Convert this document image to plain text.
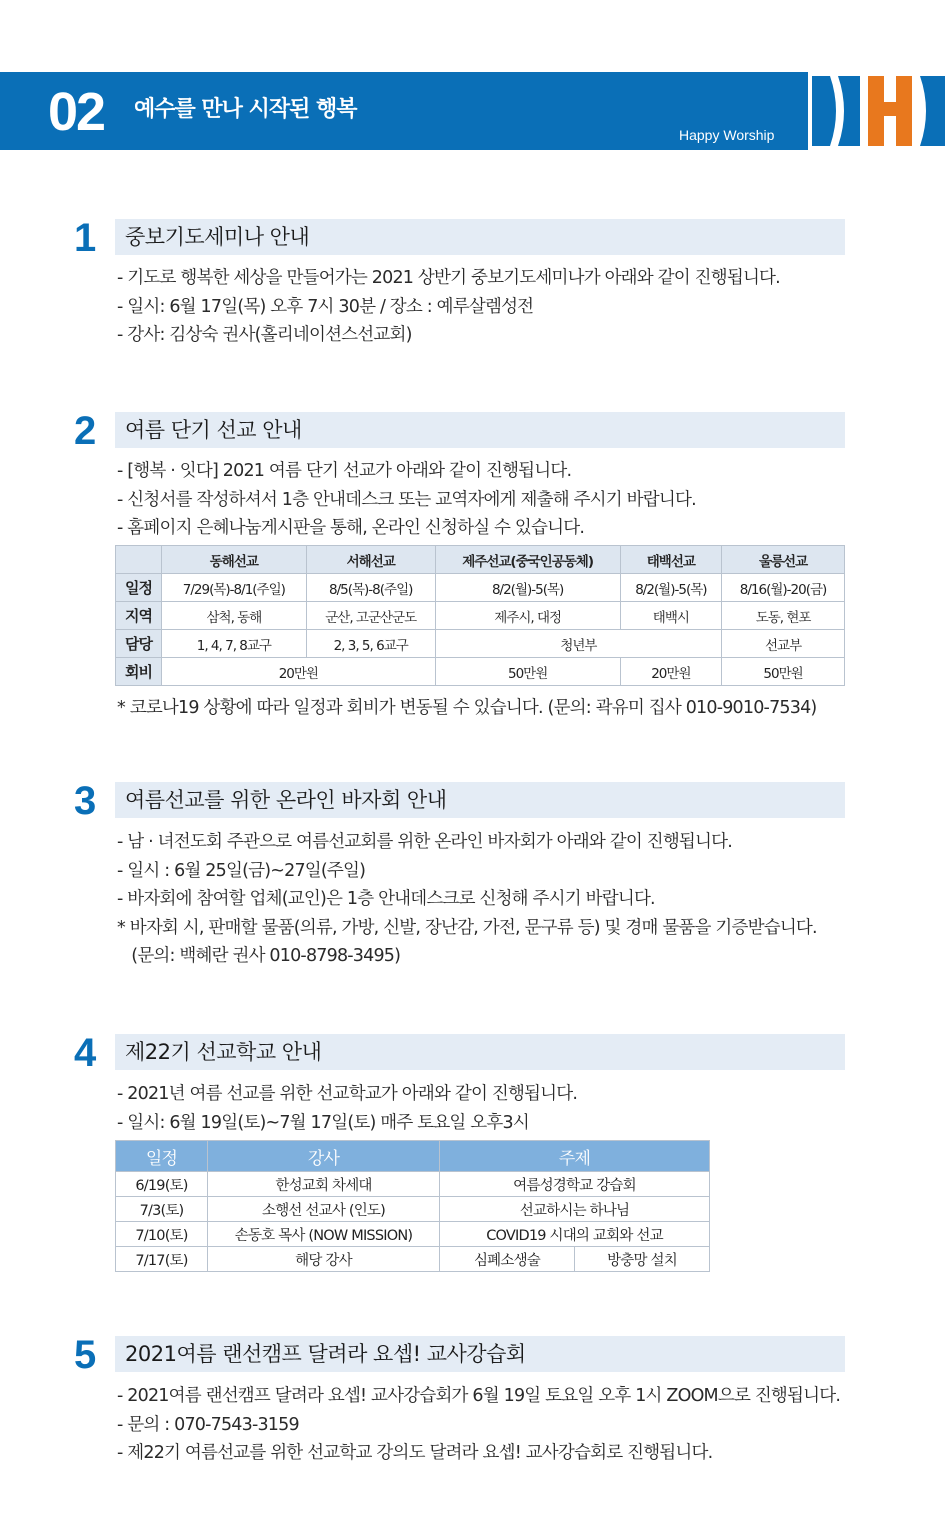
02 예수를 만나 시작된 행복
Happy Worship
1 중보기도세미나 안내
- 기도로 행복한 세상을 만들어가는 2021 상반기 중보기도세미나가 아래와 같이 진행됩니다.
- 일시: 6월 17일(목) 오후 7시 30분 / 장소 : 예루살렘성전
- 강사: 김상숙 권사(홀리네이션스선교회)
2 여름 단기 선교 안내
- [행복 · 잇다] 2021 여름 단기 선교가 아래와 같이 진행됩니다.
- 신청서를 작성하셔서 1층 안내데스크 또는 교역자에게 제출해 주시기 바랍니다.
- 홈페이지 은혜나눔게시판을 통해, 온라인 신청하실 수 있습니다.
	동해선교	서해선교	제주선교(중국인공동체)	태백선교	울릉선교
일정	7/29(목)-8/1(주일)	8/5(목)-8(주일)	8/2(월)-5(목)	8/2(월)-5(목)	8/16(월)-20(금)
지역	삼척, 동해	군산, 고군산군도	제주시, 대정	태백시	도동, 현포
담당	1, 4, 7, 8교구	2, 3, 5, 6교구	청년부		선교부
회비	20만원		50만원	20만원	50만원
* 코로나19 상황에 따라 일정과 회비가 변동될 수 있습니다. (문의: 곽유미 집사 010-9010-7534)
3 여름선교를 위한 온라인 바자회 안내
- 남 · 녀전도회 주관으로 여름선교회를 위한 온라인 바자회가 아래와 같이 진행됩니다.
- 일시 : 6월 25일(금)~27일(주일)
- 바자회에 참여할 업체(교인)은 1층 안내데스크로 신청해 주시기 바랍니다.
* 바자회 시, 판매할 물품(의류, 가방, 신발, 장난감, 가전, 문구류 등) 및 경매 물품을 기증받습니다.
(문의: 백혜란 권사 010-8798-3495)
4 제22기 선교학교 안내
- 2021년 여름 선교를 위한 선교학교가 아래와 같이 진행됩니다.
- 일시: 6월 19일(토)~7월 17일(토) 매주 토요일 오후3시
일정	강사	주제	
6/19(토)	한성교회 차세대	여름성경학교 강습회	
7/3(토)	소행선 선교사 (인도)	선교하시는 하나님	
7/10(토)	손동호 목사 (NOW MISSION)	COVID19 시대의 교회와 선교	
7/17(토)	해당 강사	심폐소생술	방충망 설치
5 2021여름 랜선캠프 달려라 요셉! 교사강습회
- 2021여름 랜선캠프 달려라 요셉! 교사강습회가 6월 19일 토요일 오후 1시 ZOOM으로 진행됩니다.
- 문의 : 070-7543-3159
- 제22기 여름선교를 위한 선교학교 강의도 달려라 요셉! 교사강습회로 진행됩니다.
